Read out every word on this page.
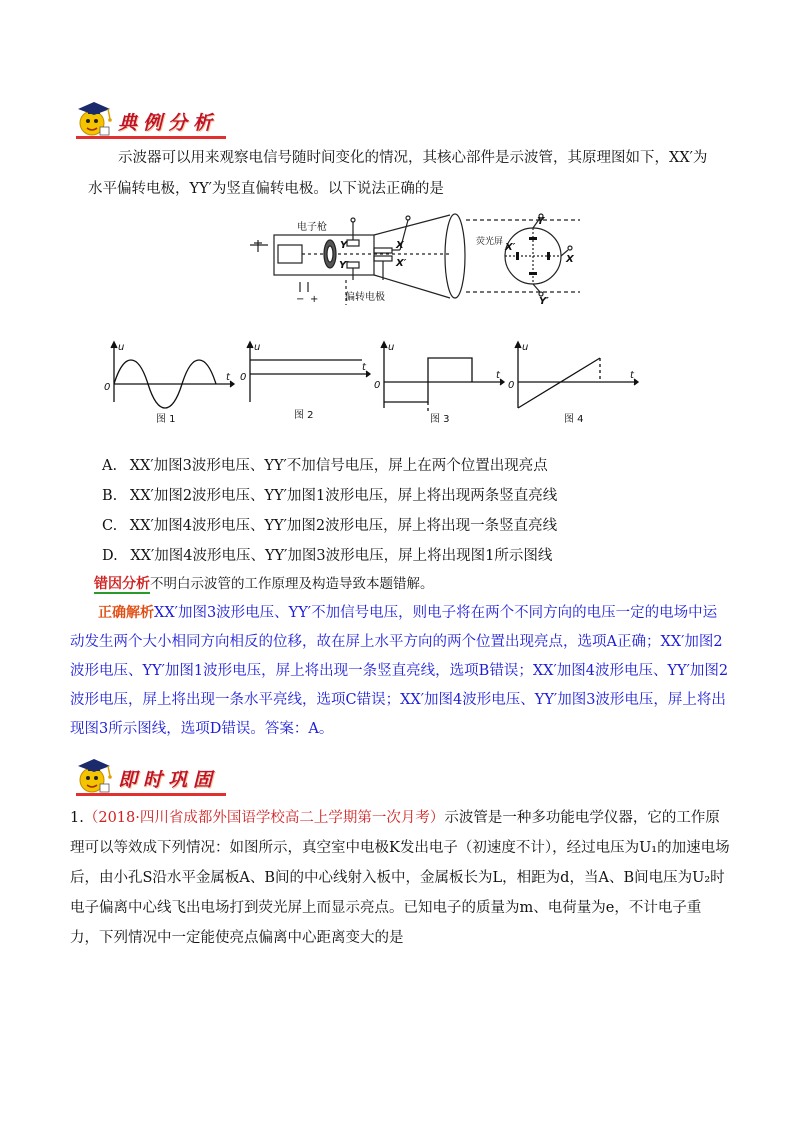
典例分析
示波器可以用来观察电信号随时间变化的情况，其核心部件是示波管，其原理图如下，XX′为水平偏转电极，YY′为竖直偏转电极。以下说法正确的是
电子枪
偏转电极
荧光屏
− +
Y
Y′
X
X′
Y
X
X′
Y′
u
t
0
u
t
0
u
t
0
u
t
0
图 1	图 2	图 3	图 4
A. XX′加图3波形电压、YY′不加信号电压，屏上在两个位置出现亮点
B. XX′加图2波形电压、YY′加图1波形电压，屏上将出现两条竖直亮线
C. XX′加图4波形电压、YY′加图2波形电压，屏上将出现一条竖直亮线
D. XX′加图4波形电压、YY′加图3波形电压，屏上将出现图1所示图线
错因分析不明白示波管的工作原理及构造导致本题错解。
正确解析XX′加图3波形电压、YY′不加信号电压，则电子将在两个不同方向的电压一定的电场中运动发生两个大小相同方向相反的位移，故在屏上水平方向的两个位置出现亮点，选项A正确；XX′加图2波形电压、YY′加图1波形电压，屏上将出现一条竖直亮线，选项B错误；XX′加图4波形电压、YY′加图2波形电压，屏上将出现一条水平亮线，选项C错误；XX′加图4波形电压、YY′加图3波形电压，屏上将出现图3所示图线，选项D错误。答案：A。
即时巩固
1.（2018·四川省成都外国语学校高二上学期第一次月考）示波管是一种多功能电学仪器，它的工作原理可以等效成下列情况：如图所示，真空室中电极K发出电子（初速度不计），经过电压为U₁的加速电场后，由小孔S沿水平金属板A、B间的中心线射入板中，金属板长为L，相距为d，当A、B间电压为U₂时电子偏离中心线飞出电场打到荧光屏上而显示亮点。已知电子的质量为m、电荷量为e，不计电子重力，下列情况中一定能使亮点偏离中心距离变大的是
